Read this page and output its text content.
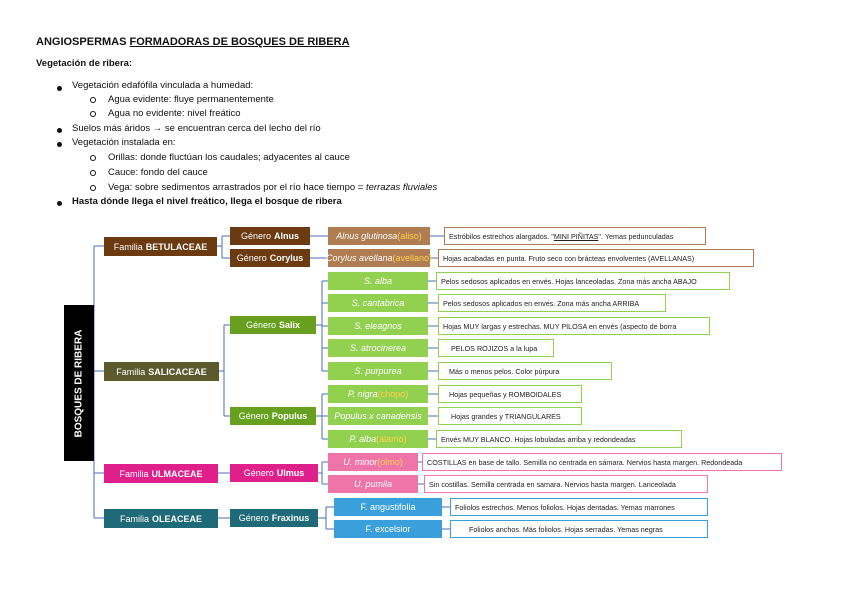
ANGIOSPERMAS FORMADORAS DE BOSQUES DE RIBERA
Vegetación de ribera:
Vegetación edafófila vinculada a humedad:
Agua evidente: fluye permanentemente
Agua no evidente: nivel freático
Suelos más áridos → se encuentran cerca del lecho del río
Vegetación instalada en:
Orillas: donde fluctúan los caudales; adyacentes al cauce
Cauce: fondo del cauce
Vega: sobre sedimentos arrastrados por el río hace tiempo = terrazas fluviales
Hasta dónde llega el nivel freático, llega el bosque de ribera
BOSQUES DE RIBERA
Familia BETULACEAE
Familia SALICACEAE
Familia ULMACEAE
Familia OLEACEAE
Género Alnus
Género Corylus
Género Salix
Género Populus
Género Ulmus
Género Fraxinus
Alnus glutinosa (aliso)
Corylus avellana (avellano)
S. alba
S. cantabrica
S. eleagnos
S. atrocinerea
S. purpurea
P. nigra (chopo)
Populus x canadensis
P. alba (álamo)
U. minor (olmo)
U. pumila
F. angustifolia
F. excelsior
Estróbilos estrechos alargados. " MINI PIÑITAS ". Yemas pedunculadas
Hojas acabadas en punta. Fruto seco con brácteas envolventes (AVELLANAS)
Pelos sedosos aplicados en envés. Hojas lanceoladas. Zona más ancha ABAJO
Pelos sedosos aplicados en envés. Zona más ancha ARRIBA
Hojas MUY largas y estrechas. MUY PILOSA en envés (aspecto de borra
PELOS ROJIZOS a la lupa
Más o menos pelos. Color púrpura
Hojas pequeñas y ROMBOIDALES
Hojas grandes y TRIANGULARES
Envés MUY BLANCO. Hojas lobuladas arriba y redondeadas
COSTILLAS en base de tallo. Semilla no centrada en sámara. Nervios hasta margen. Redondeada
Sin costillas. Semilla centrada en samara. Nervios hasta margen. Lanceolada
Foliolos estrechos. Menos foliolos. Hojas dentadas. Yemas marrones
Foliolos anchos. Más foliolos. Hojas serradas. Yemas negras
